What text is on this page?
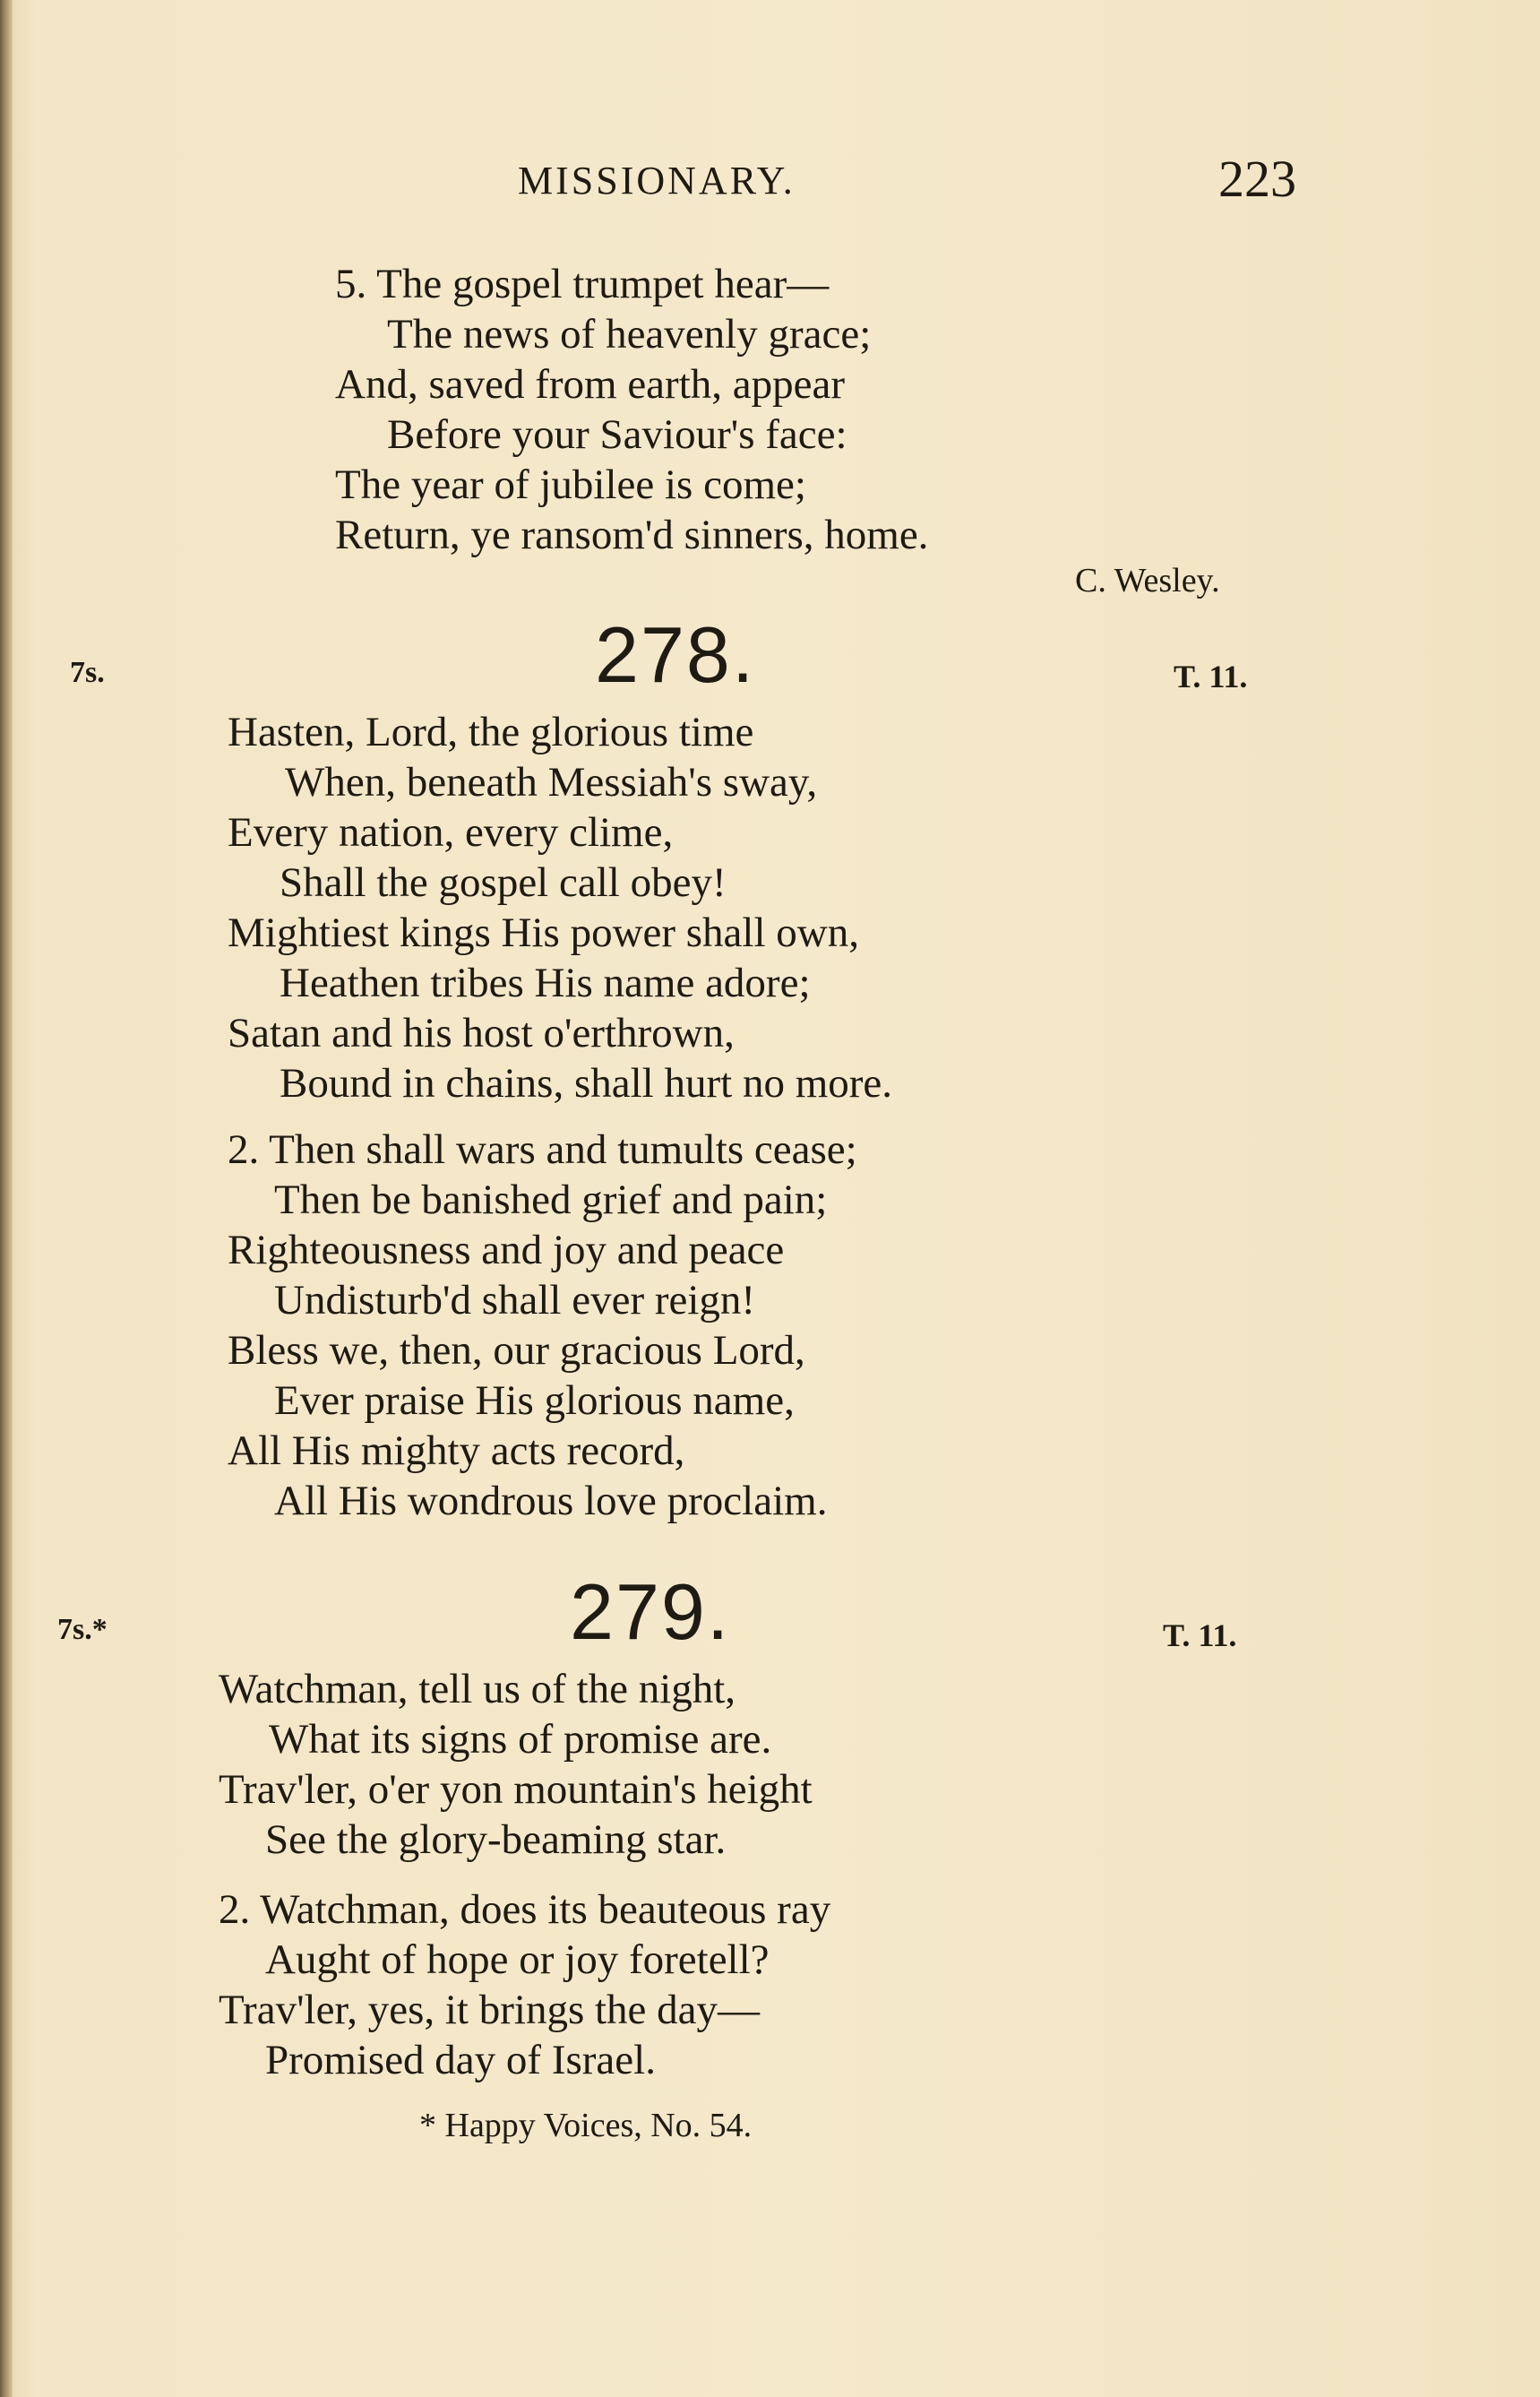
MISSIONARY.	223
5. The gospel trumpet hear—
The news of heavenly grace;
And, saved from earth, appear
Before your Saviour's face:
The year of jubilee is come;
Return, ye ransom'd sinners, home.
C. Wesley.
7s.	278.	T. 11.
Hasten, Lord, the glorious time
When, beneath Messiah's sway,
Every nation, every clime,
Shall the gospel call obey!
Mightiest kings His power shall own,
Heathen tribes His name adore;
Satan and his host o'erthrown,
Bound in chains, shall hurt no more.
2. Then shall wars and tumults cease;
Then be banished grief and pain;
Righteousness and joy and peace
Undisturb'd shall ever reign!
Bless we, then, our gracious Lord,
Ever praise His glorious name,
All His mighty acts record,
All His wondrous love proclaim.
7s.*	279.	T. 11.
Watchman, tell us of the night,
What its signs of promise are.
Trav'ler, o'er yon mountain's height
See the glory-beaming star.
2. Watchman, does its beauteous ray
Aught of hope or joy foretell?
Trav'ler, yes, it brings the day—
Promised day of Israel.
* Happy Voices, No. 54.
